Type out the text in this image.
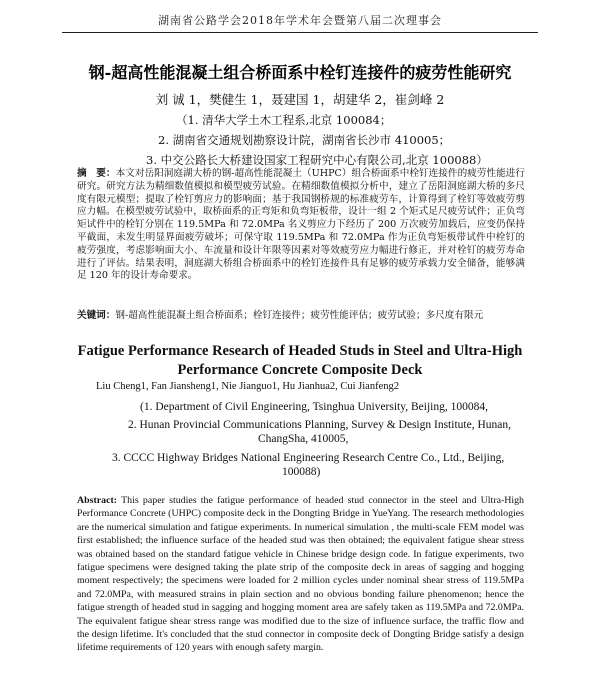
湖南省公路学会2018年学术年会暨第八届二次理事会
钢-超高性能混凝土组合桥面系中栓钉连接件的疲劳性能研究
刘 诚 1，樊健生 1，聂建国 1，胡建华 2，崔剑峰 2
（1. 清华大学土木工程系,北京 100084；
2. 湖南省交通规划勘察设计院，湖南省长沙市 410005；
3. 中交公路长大桥建设国家工程研究中心有限公司,北京 100088）
摘　要：本文对岳阳洞庭湖大桥的钢-超高性能混凝土（UHPC）组合桥面系中栓钉连接件的疲劳性能进行研究。研究方法为精细数值模拟和模型疲劳试验。在精细数值模拟分析中，建立了岳阳洞庭湖大桥的多尺度有限元模型；提取了栓钉剪应力的影响面；基于我国钢桥规的标准疲劳车，计算得到了栓钉等效疲劳剪应力幅。在模型疲劳试验中，取桥面系的正弯矩和负弯矩板带，设计一组 2 个矩式足尺疲劳试件；正负弯矩试件中的栓钉分别在 119.5MPa 和 72.0MPa 名义剪应力下经历了 200 万次疲劳加载后，应变仍保持平截面，未发生明显界面疲劳破坏；可保守取 119.5MPa 和 72.0MPa 作为正负弯矩板带试件中栓钉的疲劳强度，考虑影响面大小、车流量和设计年限等因素对等效疲劳应力幅进行修正，并对栓钉的疲劳寿命进行了评估。结果表明，洞庭湖大桥组合桥面系中的栓钉连接件具有足够的疲劳承载力安全储备，能够满足 120 年的设计寿命要求。
关键词：钢-超高性能混凝土组合桥面系；栓钉连接件；疲劳性能评估；疲劳试验；多尺度有限元
Fatigue Performance Research of Headed Studs in Steel and Ultra-High Performance Concrete Composite Deck
Liu Cheng1, Fan Jiansheng1, Nie Jianguo1, Hu Jianhua2, Cui Jianfeng2
(1. Department of Civil Engineering, Tsinghua University, Beijing, 100084,
2. Hunan Provincial Communications Planning, Survey & Design Institute, Hunan,
ChangSha, 410005,
3. CCCC Highway Bridges National Engineering Research Centre Co., Ltd., Beijing,
100088)
Abstract: This paper studies the fatigue performance of headed stud connector in the steel and Ultra-High Performance Concrete (UHPC) composite deck in the Dongting Bridge in YueYang. The research methodologies are the numerical simulation and fatigue experiments. In numerical simulation , the multi-scale FEM model was first established; the influence surface of the headed stud was then obtained; the equivalent fatigue shear stress was obtained based on the standard fatigue vehicle in Chinese bridge design code. In fatigue experiments, two fatigue specimens were designed taking the plate strip of the composite deck in areas of sagging and hogging moment respectively; the specimens were loaded for 2 million cycles under nominal shear stress of 119.5MPa and 72.0MPa, with measured strains in plain section and no obvious bonding failure phenomenon; hence the fatigue strength of headed stud in sagging and hogging moment area are safely taken as 119.5MPa and 72.0MPa. The equivalent fatigue shear stress range was modified due to the size of influence surface, the traffic flow and the design lifetime. It's concluded that the stud connector in composite deck of Dongting Bridge satisfy a design lifetime requirements of 120 years with enough safety margin.
